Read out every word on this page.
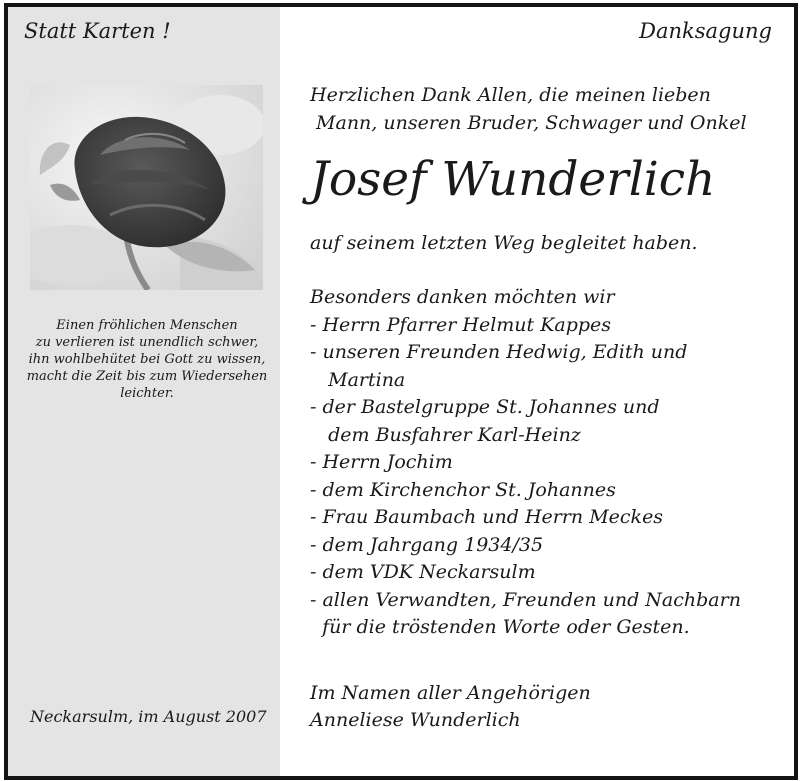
Statt Karten !
Einen fröhlichen Menschen
zu verlieren ist unendlich schwer,
ihn wohlbehütet bei Gott zu wissen,
macht die Zeit bis zum Wiedersehen
leichter.
Neckarsulm, im August 2007
Danksagung
Herzlichen Dank Allen, die meinen lieben
Mann, unseren Bruder, Schwager und Onkel
Josef Wunderlich
auf seinem letzten Weg begleitet haben.
Besonders danken möchten wir
- Herrn Pfarrer Helmut Kappes
- unseren Freunden Hedwig, Edith und
Martina
- der Bastelgruppe St. Johannes und
dem Busfahrer Karl-Heinz
- Herrn Jochim
- dem Kirchenchor St. Johannes
- Frau Baumbach und Herrn Meckes
- dem Jahrgang 1934/35
- dem VDK Neckarsulm
- allen Verwandten, Freunden und Nachbarn
für die tröstenden Worte oder Gesten.
Im Namen aller Angehörigen
Anneliese Wunderlich
